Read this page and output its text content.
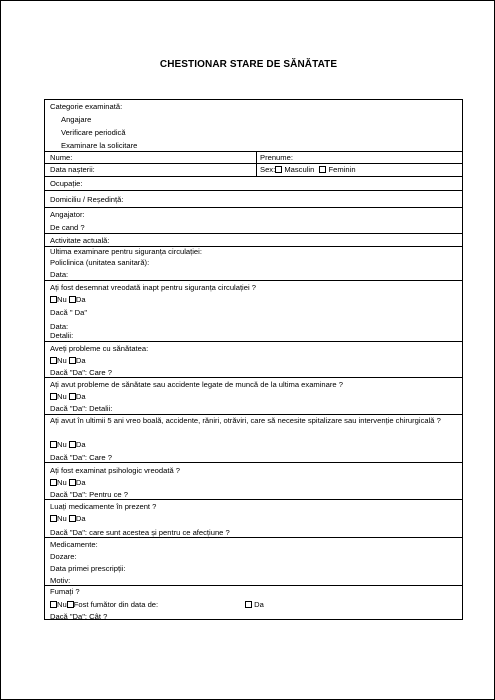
CHESTIONAR STARE DE SĂNĂTATE
Categorie examinată:
Angajare
Verificare periodică
Examinare la solicitare
Nume:	Prenume:
Data nașterii:	Sex: Masculin Feminin
Ocupație:
Domiciliu / Reședință:
Angajator:
De cand ?
Activitate actuală:
Ultima examinare pentru siguranța circulației:
Policlinica (unitatea sanitară):
Data:
Ați fost desemnat vreodată inapt pentru siguranța circulației ?
Nu Da
Dacă " Da"
Data:
Detalii:
Aveți probleme cu sănătatea:
Nu Da
Dacă "Da": Care ?
Ați avut probleme de sănătate sau accidente legate de muncă de la ultima examinare ?
Nu Da
Dacă "Da": Detalii:
Ați avut în ultimii 5 ani vreo boală, accidente, răniri, otrăviri, care să necesite spitalizare sau intervenție chirurgicală ?
Nu Da
Dacă "Da": Care ?
Ați fost examinat psihologic vreodată ?
Nu Da
Dacă "Da": Pentru ce ?
Luați medicamente în prezent ?
Nu Da
Dacă "Da": care sunt acestea și pentru ce afecțiune ?
Medicamente:
Dozare:
Data primei prescripții:
Motiv:
Fumați ?
Nu Fost fumător din data de:	Da
Dacă "Da": Cât ?
